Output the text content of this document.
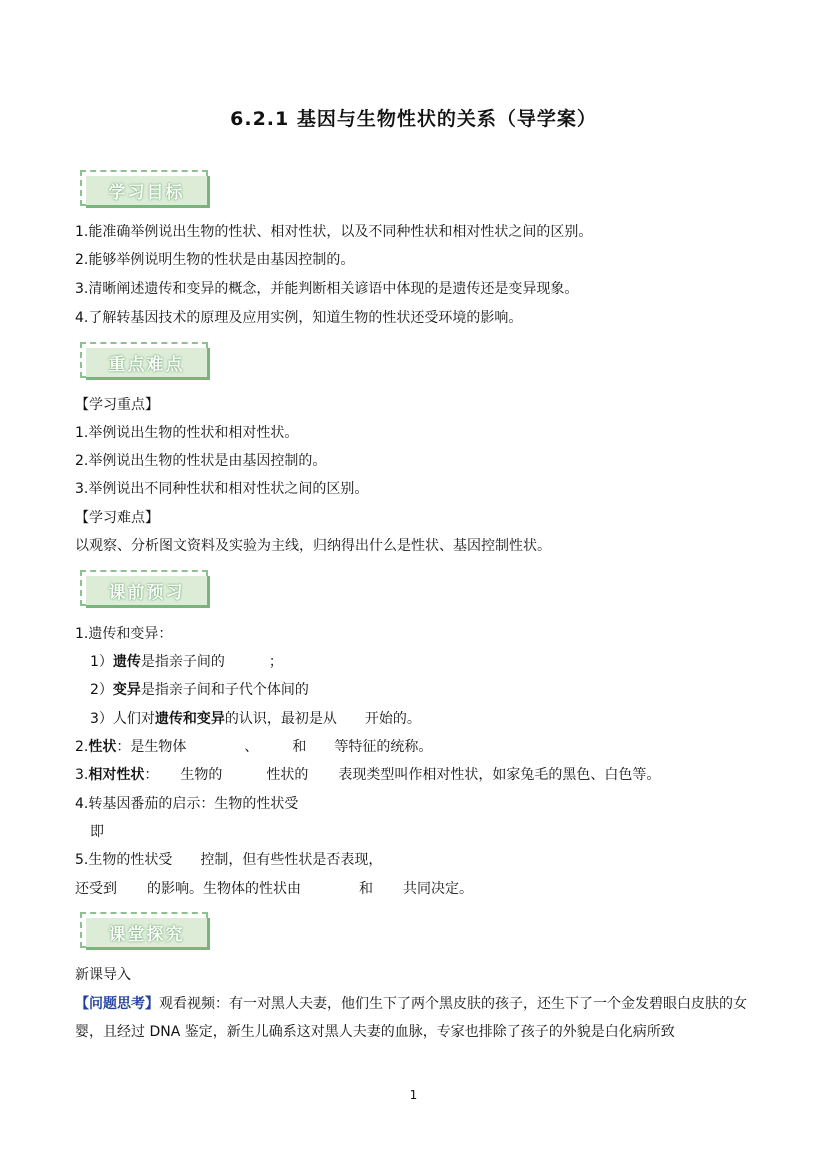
6.2.1 基因与生物性状的关系（导学案）
学习目标
1.能准确举例说出生物的性状、相对性状，以及不同种性状和相对性状之间的区别。
2.能够举例说明生物的性状是由基因控制的。
3.清晰阐述遗传和变异的概念，并能判断相关谚语中体现的是遗传还是变异现象。
4.了解转基因技术的原理及应用实例，知道生物的性状还受环境的影响。
重点难点
【学习重点】
1.举例说出生物的性状和相对性状。
2.举例说出生物的性状是由基因控制的。
3.举例说出不同种性状和相对性状之间的区别。
【学习难点】
以观察、分析图文资料及实验为主线，归纳得出什么是性状、基因控制性状。
课前预习
1.遗传和变异：
1）遗传是指亲子间的	；
2）变异是指亲子间和子代个体间的
3）人们对遗传和变异的认识，最初是从 开始的。
2.性状：是生物体	、 和 等特征的统称。
3.相对性状： 生物的	性状的 表现类型叫作相对性状，如家兔毛的黑色、白色等。
4.转基因番茄的启示：生物的性状受
即
5.生物的性状受 控制，但有些性状是否表现，
还受到 的影响。生物体的性状由	和 共同决定。
课堂探究
新课导入
【问题思考】观看视频：有一对黑人夫妻，他们生下了两个黑皮肤的孩子，还生下了一个金发碧眼白皮肤的女婴，且经过 DNA 鉴定，新生儿确系这对黑人夫妻的血脉，专家也排除了孩子的外貌是白化病所致
1
